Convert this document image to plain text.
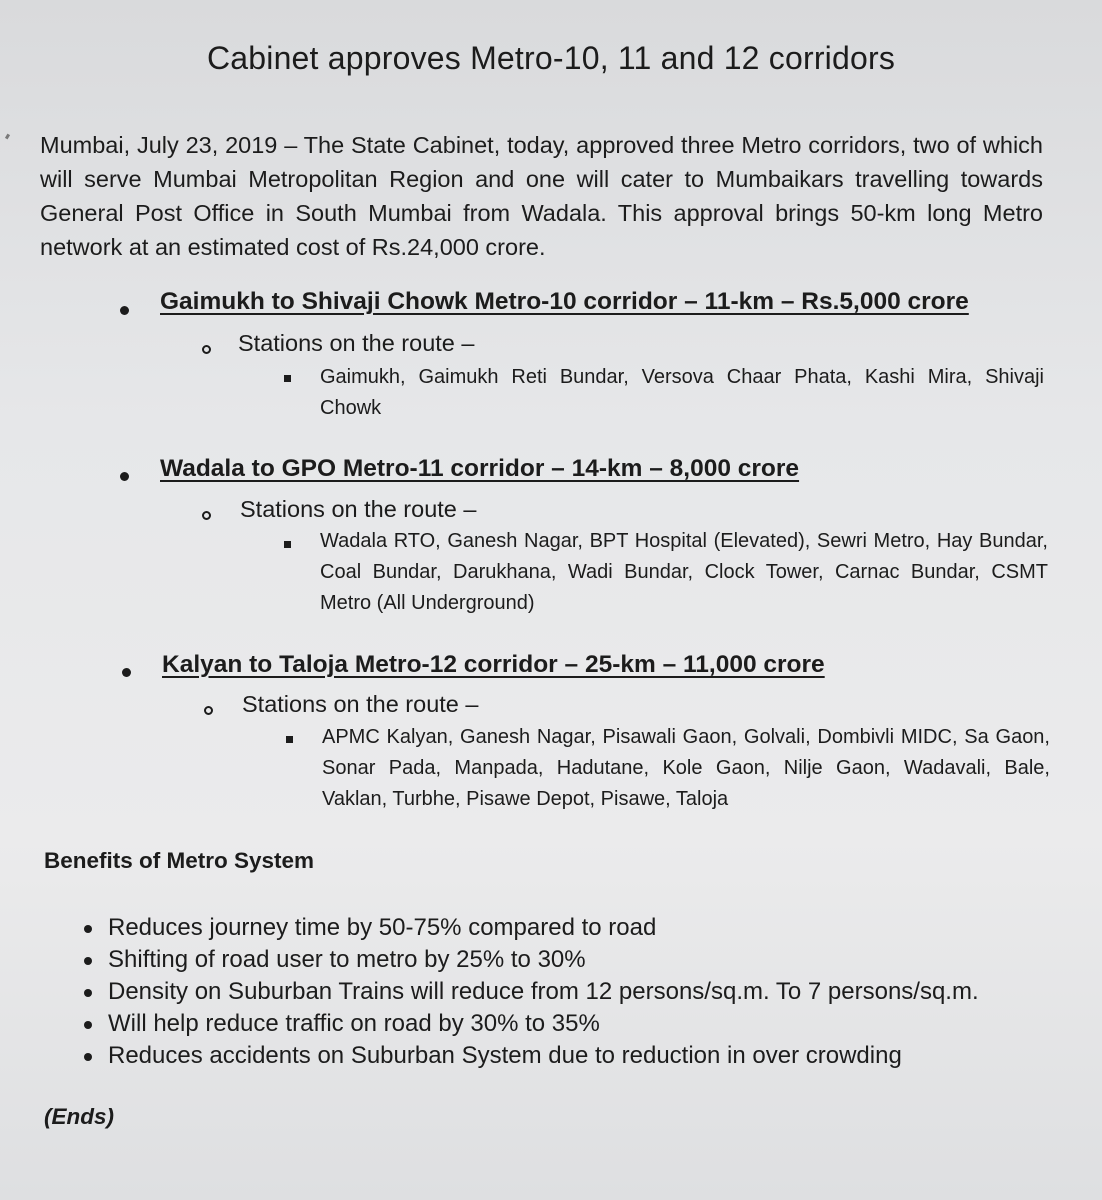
Cabinet approves Metro-10, 11 and 12 corridors
Mumbai, July 23, 2019 – The State Cabinet, today, approved three Metro corridors, two of which will serve Mumbai Metropolitan Region and one will cater to Mumbaikars travelling towards General Post Office in South Mumbai from Wadala. This approval brings 50-km long Metro network at an estimated cost of Rs.24,000 crore.
Gaimukh to Shivaji Chowk Metro-10 corridor – 11-km – Rs.5,000 crore
Stations on the route –
Gaimukh, Gaimukh Reti Bundar, Versova Chaar Phata, Kashi Mira, Shivaji Chowk
Wadala to GPO Metro-11 corridor – 14-km – 8,000 crore
Stations on the route –
Wadala RTO, Ganesh Nagar, BPT Hospital (Elevated), Sewri Metro, Hay Bundar, Coal Bundar, Darukhana, Wadi Bundar, Clock Tower, Carnac Bundar, CSMT Metro (All Underground)
Kalyan to Taloja Metro-12 corridor – 25-km – 11,000 crore
Stations on the route –
APMC Kalyan, Ganesh Nagar, Pisawali Gaon, Golvali, Dombivli MIDC, Sa Gaon, Sonar Pada, Manpada, Hadutane, Kole Gaon, Nilje Gaon, Wadavali, Bale, Vaklan, Turbhe, Pisawe Depot, Pisawe, Taloja
Benefits of Metro System
Reduces journey time by 50-75% compared to road
Shifting of road user to metro by 25% to 30%
Density on Suburban Trains will reduce from 12 persons/sq.m. To 7 persons/sq.m.
Will help reduce traffic on road by 30% to 35%
Reduces accidents on Suburban System due to reduction in over crowding
(Ends)
